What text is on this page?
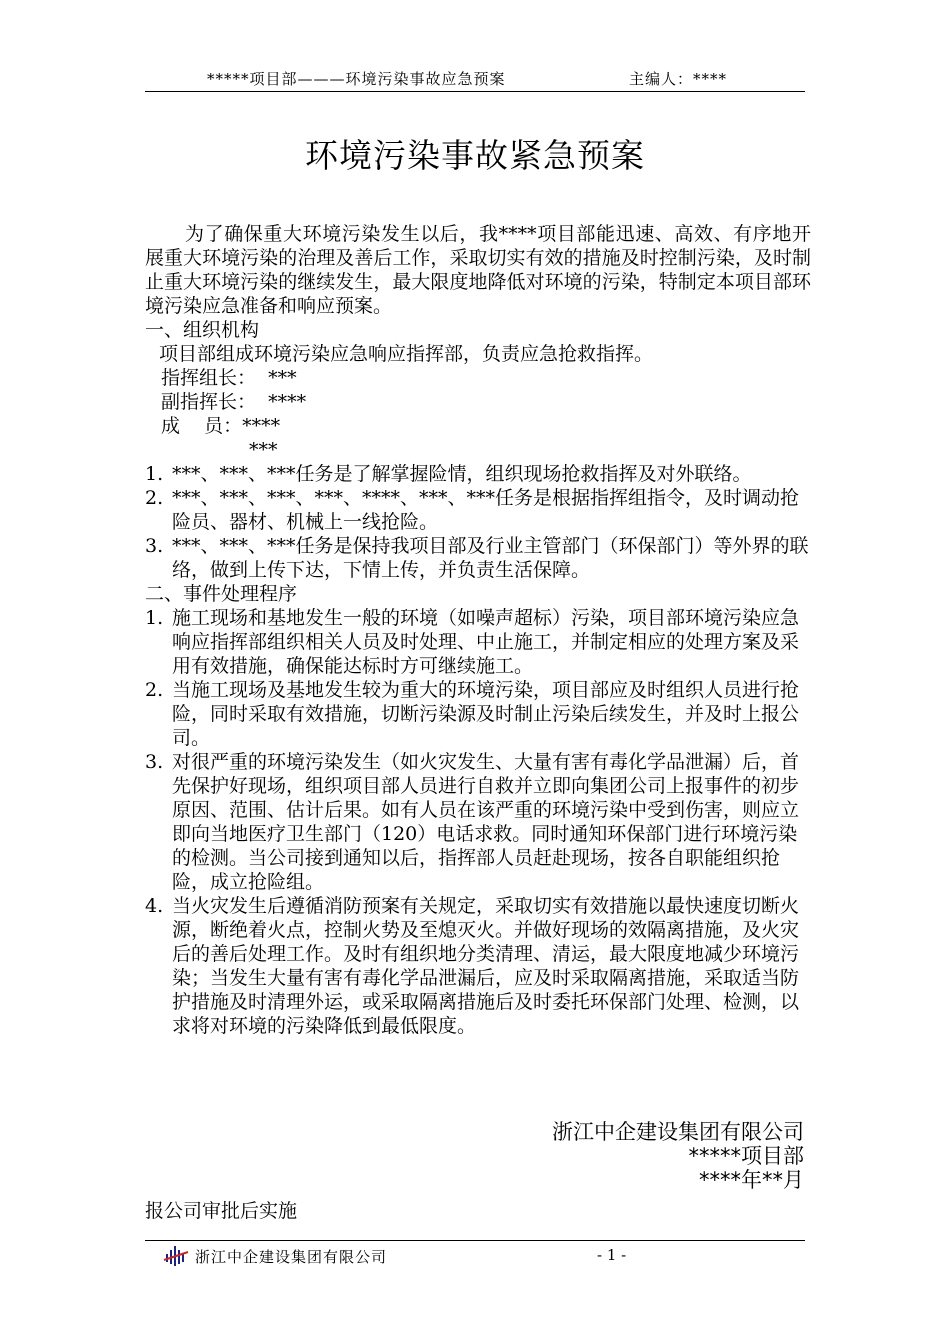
*****项目部———环境污染事故应急预案	主编人：****
环境污染事故紧急预案

为了确保重大环境污染发生以后，我****项目部能迅速、高效、有序地开展重大环境污染的治理及善后工作，采取切实有效的措施及时控制污染，及时制止重大环境污染的继续发生，最大限度地降低对环境的污染，特制定本项目部环境污染应急准备和响应预案。

一、组织机构

项目部组成环境污染应急响应指挥部，负责应急抢救指挥。

指挥组长：  ***

副指挥长：  ****

成    员：****

***

1. ***、***、***任务是了解掌握险情，组织现场抢救指挥及对外联络。
2. ***、***、***、***、****、***、***任务是根据指挥组指令，及时调动抢险员、器材、机械上一线抢险。
3. ***、***、***任务是保持我项目部及行业主管部门（环保部门）等外界的联络，做到上传下达，下情上传，并负责生活保障。

二、事件处理程序

1. 施工现场和基地发生一般的环境（如噪声超标）污染，项目部环境污染应急响应指挥部组织相关人员及时处理、中止施工，并制定相应的处理方案及采用有效措施，确保能达标时方可继续施工。
2. 当施工现场及基地发生较为重大的环境污染，项目部应及时组织人员进行抢险，同时采取有效措施，切断污染源及时制止污染后续发生，并及时上报公司。
3. 对很严重的环境污染发生（如火灾发生、大量有害有毒化学品泄漏）后，首先保护好现场，组织项目部人员进行自救并立即向集团公司上报事件的初步原因、范围、估计后果。如有人员在该严重的环境污染中受到伤害，则应立即向当地医疗卫生部门（120）电话求救。同时通知环保部门进行环境污染的检测。当公司接到通知以后，指挥部人员赶赴现场，按各自职能组织抢险，成立抢险组。
4. 当火灾发生后遵循消防预案有关规定，采取切实有效措施以最快速度切断火源，断绝着火点，控制火势及至熄灭火。并做好现场的效隔离措施，及火灾后的善后处理工作。及时有组织地分类清理、清运，最大限度地减少环境污染；当发生大量有害有毒化学品泄漏后，应及时采取隔离措施，采取适当防护措施及时清理外运，或采取隔离措施后及时委托环保部门处理、检测，以求将对环境的污染降低到最低限度。
浙江中企建设集团有限公司
*****项目部
****年**月
报公司审批后实施
浙江中企建设集团有限公司	- 1 -
